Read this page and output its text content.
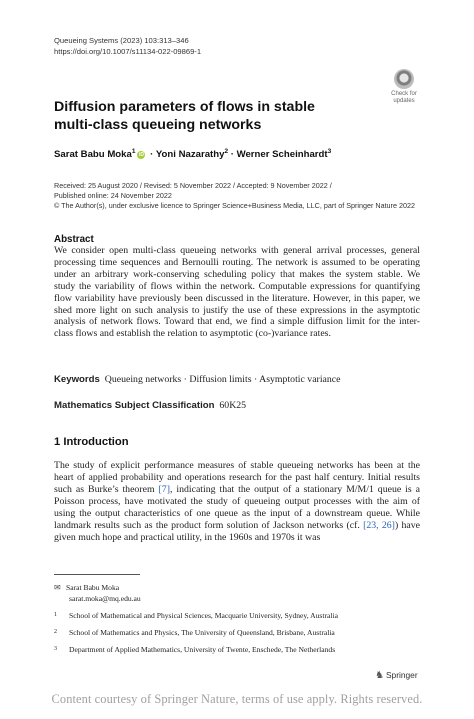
Queueing Systems (2023) 103:313–346
https://doi.org/10.1007/s11134-022-09869-1
Check for
updates
Diffusion parameters of flows in stable multi-class queueing networks
Sarat Babu Moka$^1$iD · Yoni Nazarathy$^2$ · Werner Scheinhardt$^3$
Received: 25 August 2020 / Revised: 5 November 2022 / Accepted: 9 November 2022 /
Published online: 24 November 2022
© The Author(s), under exclusive licence to Springer Science+Business Media, LLC, part of Springer Nature 2022
Abstract
We consider open multi-class queueing networks with general arrival processes, general processing time sequences and Bernoulli routing. The network is assumed to be operating under an arbitrary work-conserving scheduling policy that makes the system stable. We study the variability of flows within the network. Computable expressions for quantifying flow variability have previously been discussed in the literature. However, in this paper, we shed more light on such analysis to justify the use of these expressions in the asymptotic analysis of network flows. Toward that end, we find a simple diffusion limit for the inter-class flows and establish the relation to asymptotic (co-)variance rates.
Keywords Queueing networks · Diffusion limits · Asymptotic variance
Mathematics Subject Classification 60K25
1 Introduction
The study of explicit performance measures of stable queueing networks has been at the heart of applied probability and operations research for the past half century. Initial results such as Burke’s theorem [7], indicating that the output of a stationary M/M/1 queue is a Poisson process, have motivated the study of queueing output processes with the aim of using the output characteristics of one queue as the input of a downstream queue. While landmark results such as the product form solution of Jackson networks (cf. [23, 26]) have given much hope and practical utility, in the 1960s and 1970s it was
✉ Sarat Babu Moka
sarat.moka@mq.edu.au
1 School of Mathematical and Physical Sciences, Macquarie University, Sydney, Australia
2 School of Mathematics and Physics, The University of Queensland, Brisbane, Australia
3 Department of Applied Mathematics, University of Twente, Enschede, The Netherlands
♞ Springer
Content courtesy of Springer Nature, terms of use apply. Rights reserved.
